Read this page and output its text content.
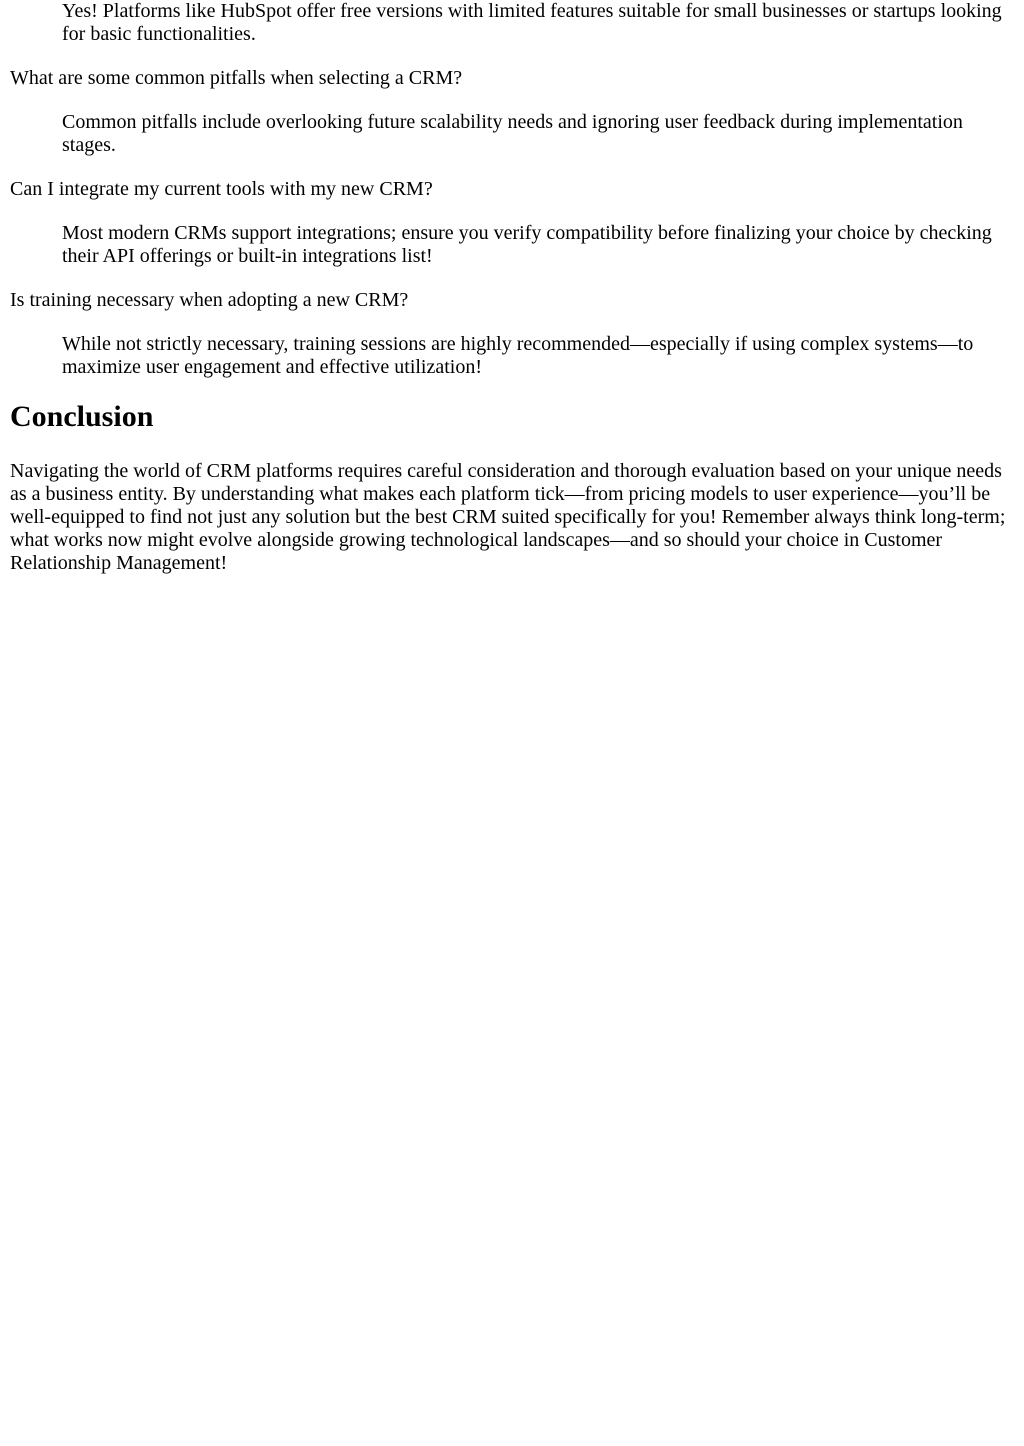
Yes! Platforms like HubSpot offer free versions with limited features suitable for small businesses or startups looking for basic functionalities.
What are some common pitfalls when selecting a CRM?
Common pitfalls include overlooking future scalability needs and ignoring user feedback during implementation stages.
Can I integrate my current tools with my new CRM?
Most modern CRMs support integrations; ensure you verify compatibility before finalizing your choice by checking their API offerings or built-in integrations list!
Is training necessary when adopting a new CRM?
While not strictly necessary, training sessions are highly recommended—especially if using complex systems—to maximize user engagement and effective utilization!
Conclusion

Navigating the world of CRM platforms requires careful consideration and thorough evaluation based on your unique needs as a business entity. By understanding what makes each platform tick—from pricing models to user experience—you’ll be well-equipped to find not just any solution but the best CRM suited specifically for you! Remember always think long-term; what works now might evolve alongside growing technological landscapes—and so should your choice in Customer Relationship Management!
